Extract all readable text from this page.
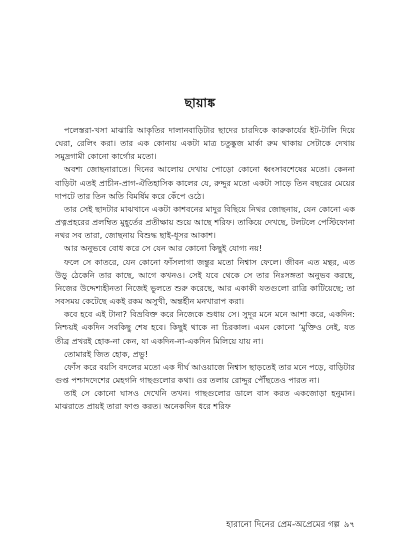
ছায়াঙ্ক

পলেস্তরা-খসা মাঝারি আকৃতির দালানবাড়িটার ছাদের চারদিকে কারুকার্যের ইট-টালি দিয়ে ঘেরা, রেলিং করা। তার এক কোনায় একটা মাত্র চতুষ্কুজ মার্কা রুম থাকায় সেটাকে দেখায় সমুদ্রগামী কোনো কার্গোর মতো।

অবশ্য জোছনারাতে। দিনের আলোয় দেখায় পোড়ো কোনো ধ্বংসাবশেষের মতো। কেননা বাড়িটা এতই প্রাচীন-প্রাগ-ঐতিহাসিক কালের যে, রুদ্দুর মতো একটা সাড়ে তিন বছরের মেয়ের দাপটে তার তিন অতি বিমর্ষিম করে কেঁপে ওঠে।

তার সেই ছাদটার মাঝখানে একটা কাশবনের মাদুর বিছিয়ে নিথর জোছনায়, যেন কোনো এক প্রত্নপ্রহরের প্রলম্বিত মুহূর্তের প্রতীক্ষায় শুয়ে আছে শরিফ। তাকিয়ে দেখছে, টলটলে পেস্টিফোনা নথর সব তারা, জোছনায় বিশুদ্ধ ছাই-ধূসর আকাশ।

আর অনুভবে বোধ করে সে যেন আর কোনো কিছুই যোগ্য নয়!

ফলে সে কাতরে, যেন কোনো ফাঁসলাগা জন্তুর মতো নিশ্বাস ফেলে। জীবন এত মন্থর, এত উড়ু ঠেকেনি তার কাছে, আগে কখনও। সেই যবে থেকে সে তার নিঃসঙ্গতা অনুভব করছে, নিজের উদ্দেশ্যহীনতা নিজেই ভুলতে শুরু করেছে, আর একাকী যতগুলো রাত্রি কাটিয়েছে; তা সবসময় কেটেছে একই রকম অসুখী, অন্তর্হীন মনখারাপ করা।

কবে হবে এই টানা? বিভ্রবিক্ত করে নিজেকে শুধায় সে। সুদূর মনে মনে আশা করে, একদিন: নিশ্চয়ই একদিন সবকিছু শেষ হবে। কিছুই থাকে না চিরকাল। এমন কোনো ‘মুক্তিও নেই, যত তীব্র প্রখরই হোক-না কেন, যা একদিন-না-একদিন মিলিয়ে যায় না।

তোমারই জিত হোক, প্রভু!

ফোঁস করে বয়সি বদলের মতো এক দীর্ঘ আওয়াজে নিশ্বাস ছাড়তেই তার মনে পড়ে, বাড়িটার গুপ্ত পশ্চাদদেশের মেহগনি গাছগুলোর কথা। ওর তলায় রোদ্দুর পৌঁছতেও পারত না।

তাই সে কোনো ঘাসও দেখেনি তখন। গাছগুলোর ডালে বাস করত একজোড়া হনুমান। মাঝরাতে প্রায়ই তারা ফাণ্ড করত। অনেকদিন ধরে শরিফ

হারানো দিনের প্রেম-অপ্রেমের গল্প ৯৭
